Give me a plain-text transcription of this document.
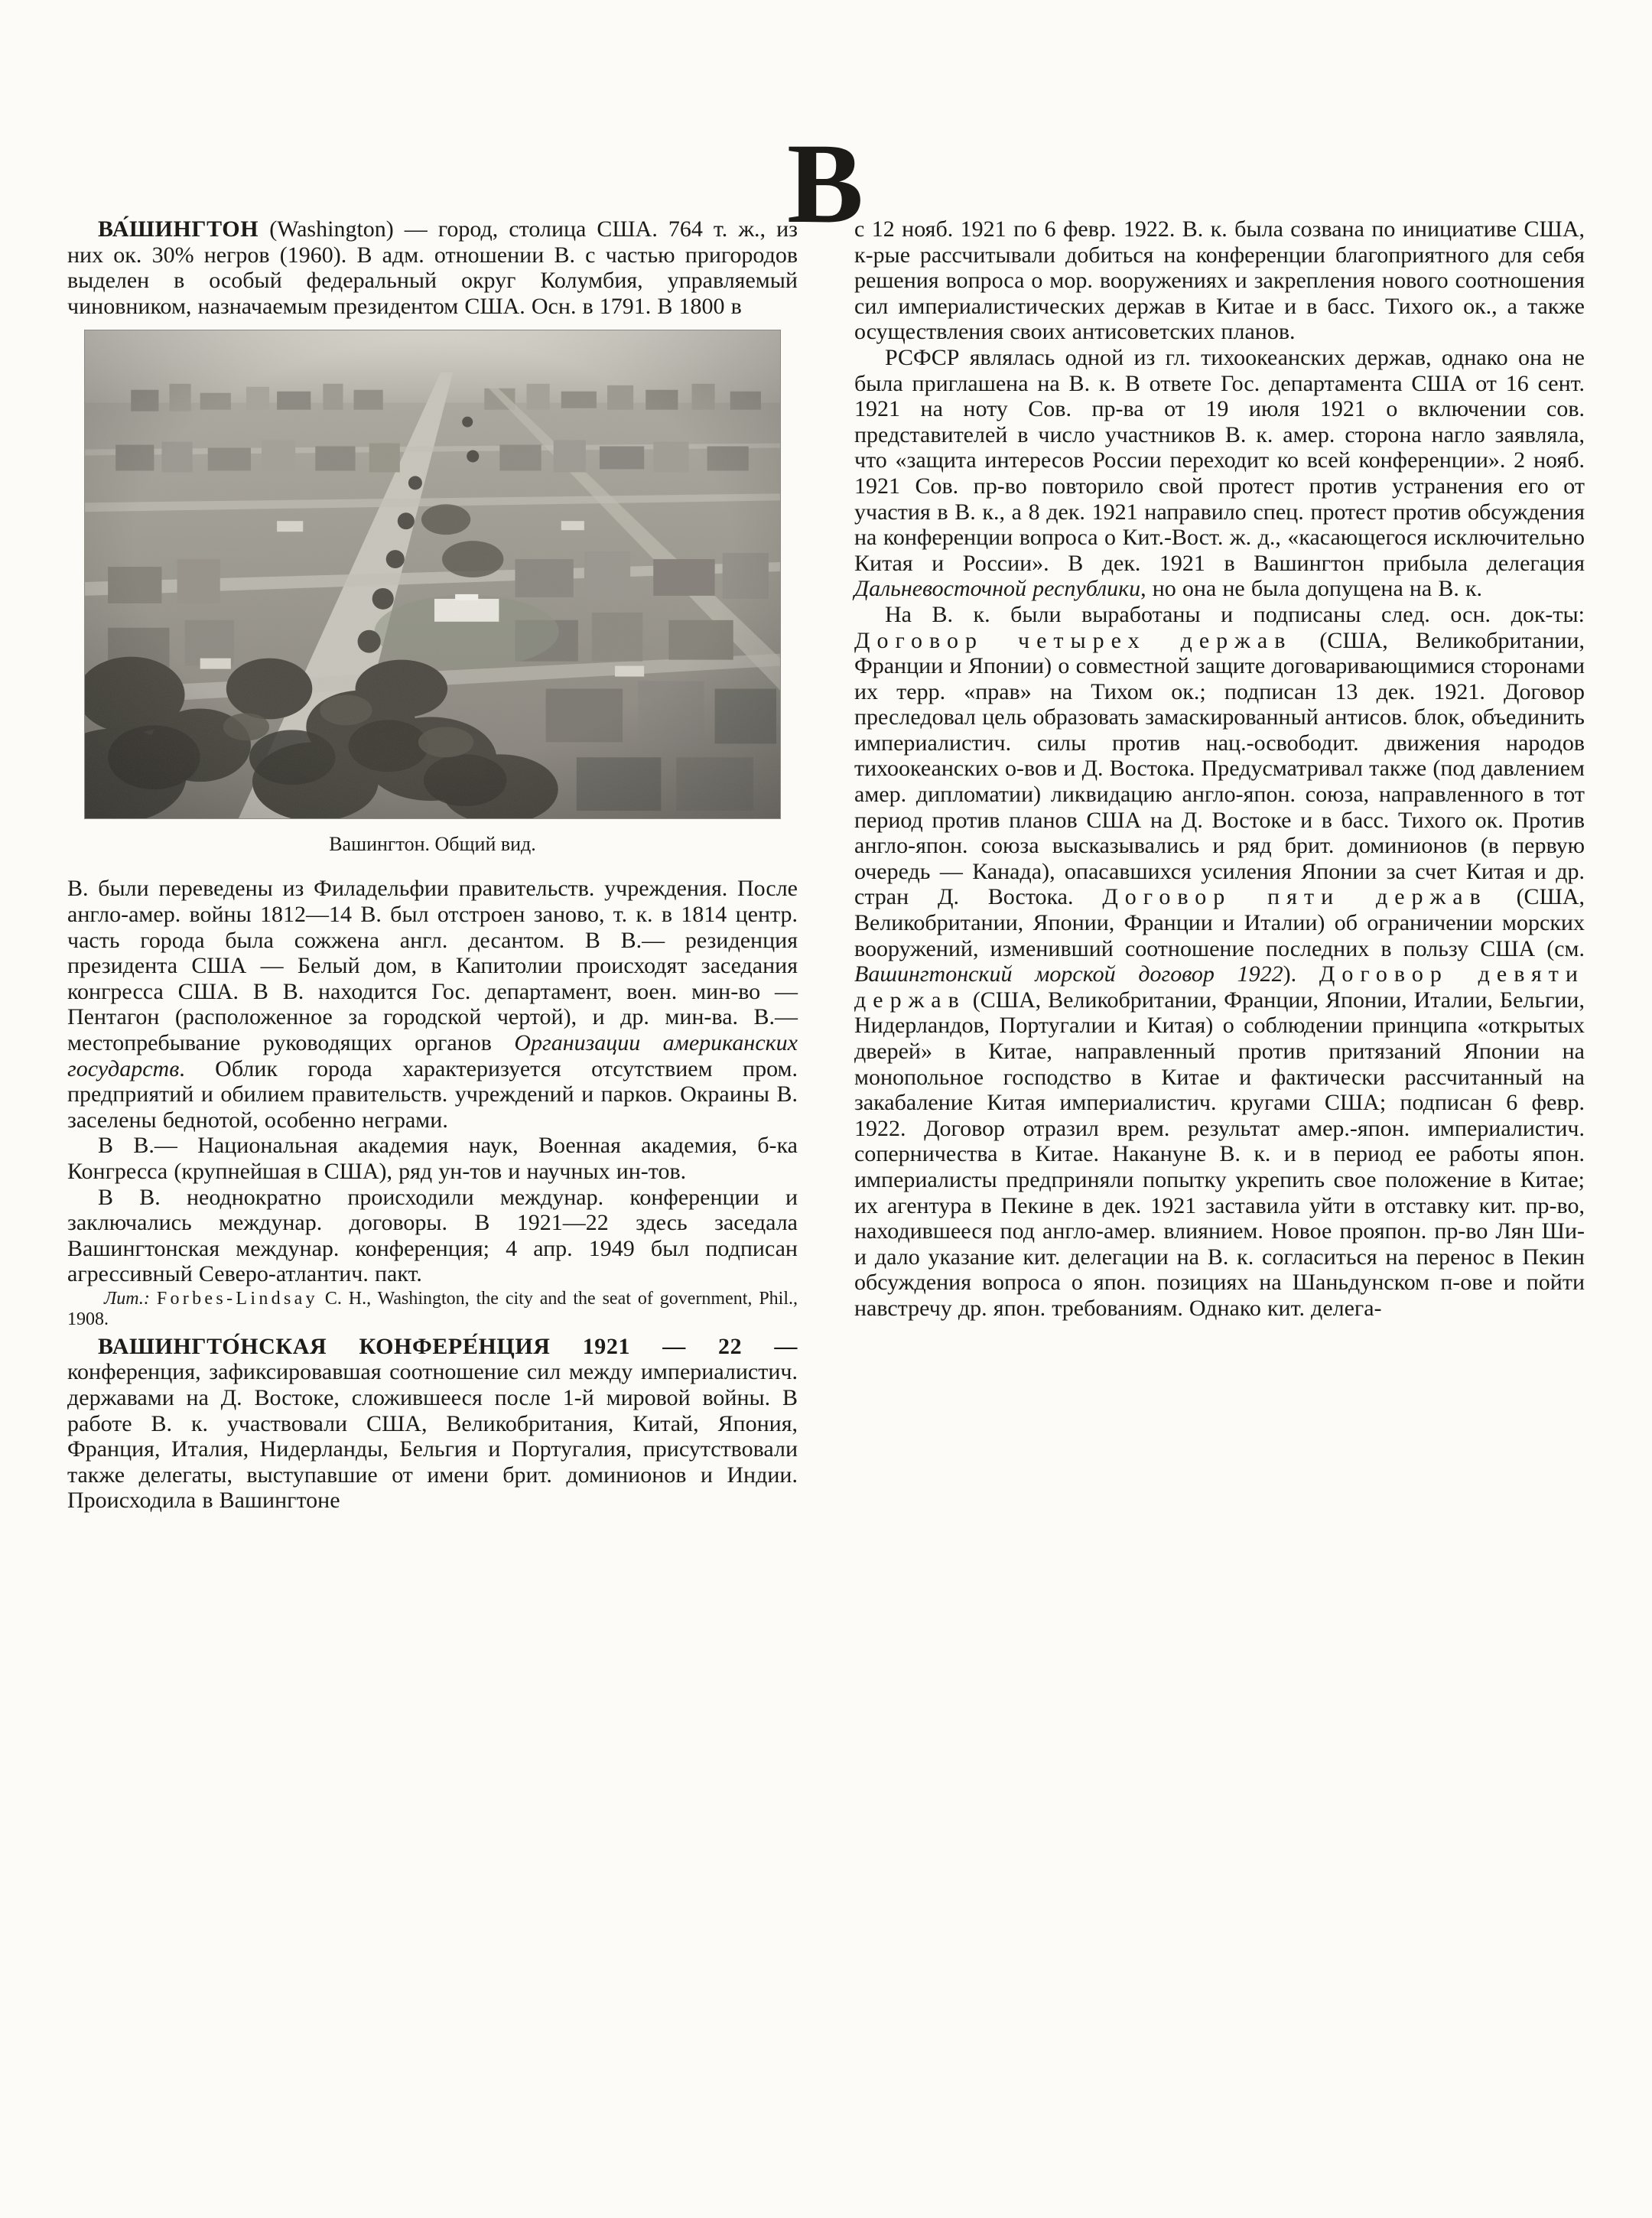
В

ВА́ШИНГТОН (Washington) — город, столица США. 764 т. ж., из них ок. 30% негров (1960). В адм. отношении В. с частью пригородов выделен в особый федеральный округ Колумбия, управляемый чиновником, назначаемым президентом США. Осн. в 1791. В 1800 в

Вашингтон. Общий вид.

В. были переведены из Филадельфии правительств. учреждения. После англо-амер. войны 1812—14 В. был отстроен заново, т. к. в 1814 центр. часть города была сожжена англ. десантом. В В.— резиденция президента США — Белый дом, в Капитолии происходят заседания конгресса США. В В. находится Гос. департамент, воен. мин-во — Пентагон (расположенное за городской чертой), и др. мин-ва. В.— местопребывание руководящих органов Организации американских государств. Облик города характеризуется отсутствием пром. предприятий и обилием правительств. учреждений и парков. Окраины В. заселены беднотой, особенно неграми.

В В.— Национальная академия наук, Военная академия, б-ка Конгресса (крупнейшая в США), ряд ун-тов и научных ин-тов.

В В. неоднократно происходили междунар. конференции и заключались междунар. договоры. В 1921—22 здесь заседала Вашингтонская междунар. конференция; 4 апр. 1949 был подписан агрессивный Северо-атлантич. пакт.

Лит.: Forbes-Lindsay C. H., Washington, the city and the seat of government, Phil., 1908.

ВАШИНГТО́НСКАЯ КОНФЕРЕ́НЦИЯ 1921 — 22 — конференция, зафиксировавшая соотношение сил между империалистич. державами на Д. Востоке, сложившееся после 1-й мировой войны. В работе В. к. участвовали США, Великобритания, Китай, Япония, Франция, Италия, Нидерланды, Бельгия и Португалия, присутствовали также делегаты, выступавшие от имени брит. доминионов и Индии. Происходила в Вашингтоне

с 12 нояб. 1921 по 6 февр. 1922. В. к. была созвана по инициативе США, к-рые рассчитывали добиться на конференции благоприятного для себя решения вопроса о мор. вооружениях и закрепления нового соотношения сил империалистических держав в Китае и в басс. Тихого ок., а также осуществления своих антисоветских планов.

РСФСР являлась одной из гл. тихоокеанских держав, однако она не была приглашена на В. к. В ответе Гос. департамента США от 16 сент. 1921 на ноту Сов. пр-ва от 19 июля 1921 о включении сов. представителей в число участников В. к. амер. сторона нагло заявляла, что «защита интересов России переходит ко всей конференции». 2 нояб. 1921 Сов. пр-во повторило свой протест против устранения его от участия в В. к., а 8 дек. 1921 направило спец. протест против обсуждения на конференции вопроса о Кит.-Вост. ж. д., «касающегося исключительно Китая и России». В дек. 1921 в Вашингтон прибыла делегация Дальневосточной республики, но она не была допущена на В. к.

На В. к. были выработаны и подписаны след. осн. док-ты: Договор четырех держав (США, Великобритании, Франции и Японии) о совместной защите договаривающимися сторонами их терр. «прав» на Тихом ок.; подписан 13 дек. 1921. Договор преследовал цель образовать замаскированный антисов. блок, объединить империалистич. силы против нац.-освободит. движения народов тихоокеанских о-вов и Д. Востока. Предусматривал также (под давлением амер. дипломатии) ликвидацию англо-япон. союза, направленного в тот период против планов США на Д. Востоке и в басс. Тихого ок. Против англо-япон. союза высказывались и ряд брит. доминионов (в первую очередь — Канада), опасавшихся усиления Японии за счет Китая и др. стран Д. Востока. Договор пяти держав (США, Великобритании, Японии, Франции и Италии) об ограничении морских вооружений, изменивший соотношение последних в пользу США (см. Вашингтонский морской договор 1922). Договор девяти держав (США, Великобритании, Франции, Японии, Италии, Бельгии, Нидерландов, Португалии и Китая) о соблюдении принципа «открытых дверей» в Китае, направленный против притязаний Японии на монопольное господство в Китае и фактически рассчитанный на закабаление Китая империалистич. кругами США; подписан 6 февр. 1922. Договор отразил врем. результат амер.-япон. империалистич. соперничества в Китае. Накануне В. к. и в период ее работы япон. империалисты предприняли попытку укрепить свое положение в Китае; их агентура в Пекине в дек. 1921 заставила уйти в отставку кит. пр-во, находившееся под англо-амер. влиянием. Новое прояпон. пр-во Лян Ши-и дало указание кит. делегации на В. к. согласиться на перенос в Пекин обсуждения вопроса о япон. позициях на Шаньдунском п-ове и пойти навстречу др. япон. требованиям. Однако кит. делега-
